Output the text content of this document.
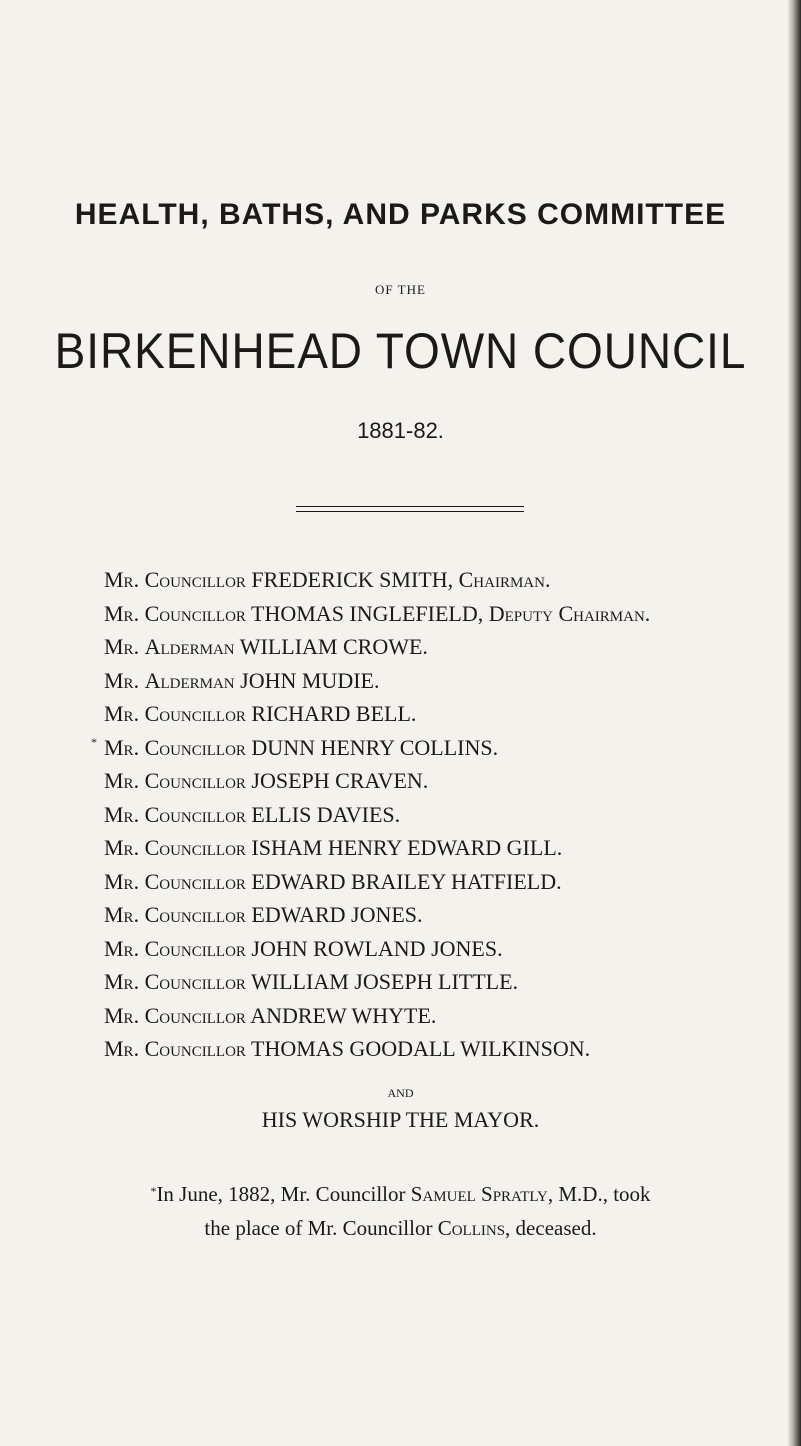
HEALTH, BATHS, AND PARKS COMMITTEE
OF THE
BIRKENHEAD TOWN COUNCIL
1881-82.
Mr. Councillor FREDERICK SMITH, Chairman.
Mr. Councillor THOMAS INGLEFIELD, Deputy Chairman.
Mr. Alderman WILLIAM CROWE.
Mr. Alderman JOHN MUDIE.
Mr. Councillor RICHARD BELL.
* Mr. Councillor DUNN HENRY COLLINS.
Mr. Councillor JOSEPH CRAVEN.
Mr. Councillor ELLIS DAVIES.
Mr. Councillor ISHAM HENRY EDWARD GILL.
Mr. Councillor EDWARD BRAILEY HATFIELD.
Mr. Councillor EDWARD JONES.
Mr. Councillor JOHN ROWLAND JONES.
Mr. Councillor WILLIAM JOSEPH LITTLE.
Mr. Councillor ANDREW WHYTE.
Mr. Councillor THOMAS GOODALL WILKINSON.
AND
HIS WORSHIP THE MAYOR.
*In June, 1882, Mr. Councillor Samuel Spratly, M.D., took
the place of Mr. Councillor Collins, deceased.
